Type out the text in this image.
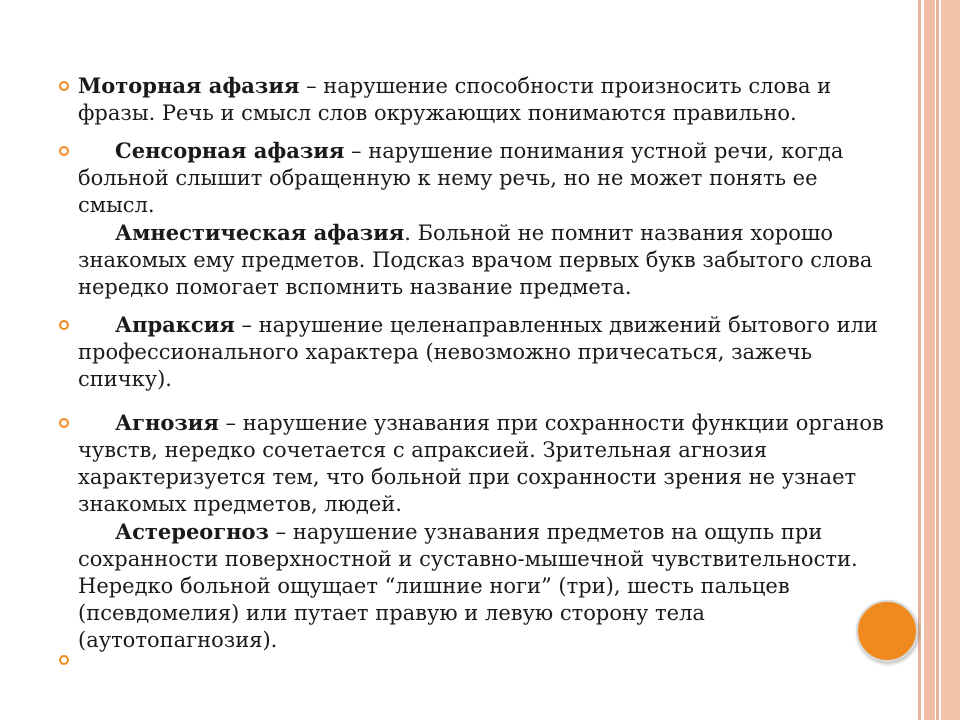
Моторная афазия – нарушение способности произносить слова и фразы. Речь и смысл слов окружающих понимаются правильно.

Сенсорная афазия – нарушение понимания устной речи, когда больной слышит обращенную к нему речь, но не может понять ее смысл.

Амнестическая афазия. Больной не помнит названия хорошо знакомых ему предметов. Подсказ врачом первых букв забытого слова нередко помогает вспомнить название предмета.

Апраксия – нарушение целенаправленных движений бытового или профессионального характера (невозможно причесаться, зажечь спичку).

Агнозия – нарушение узнавания при сохранности функции органов чувств, нередко сочетается с апраксией. Зрительная агнозия характеризуется тем, что больной при сохранности зрения не узнает знакомых предметов, людей.

Астереогноз – нарушение узнавания предметов на ощупь при сохранности поверхностной и суставно-мышечной чувствительности. Нередко больной ощущает “лишние ноги” (три), шесть пальцев (псевдомелия) или путает правую и левую сторону тела (аутотопагнозия).
